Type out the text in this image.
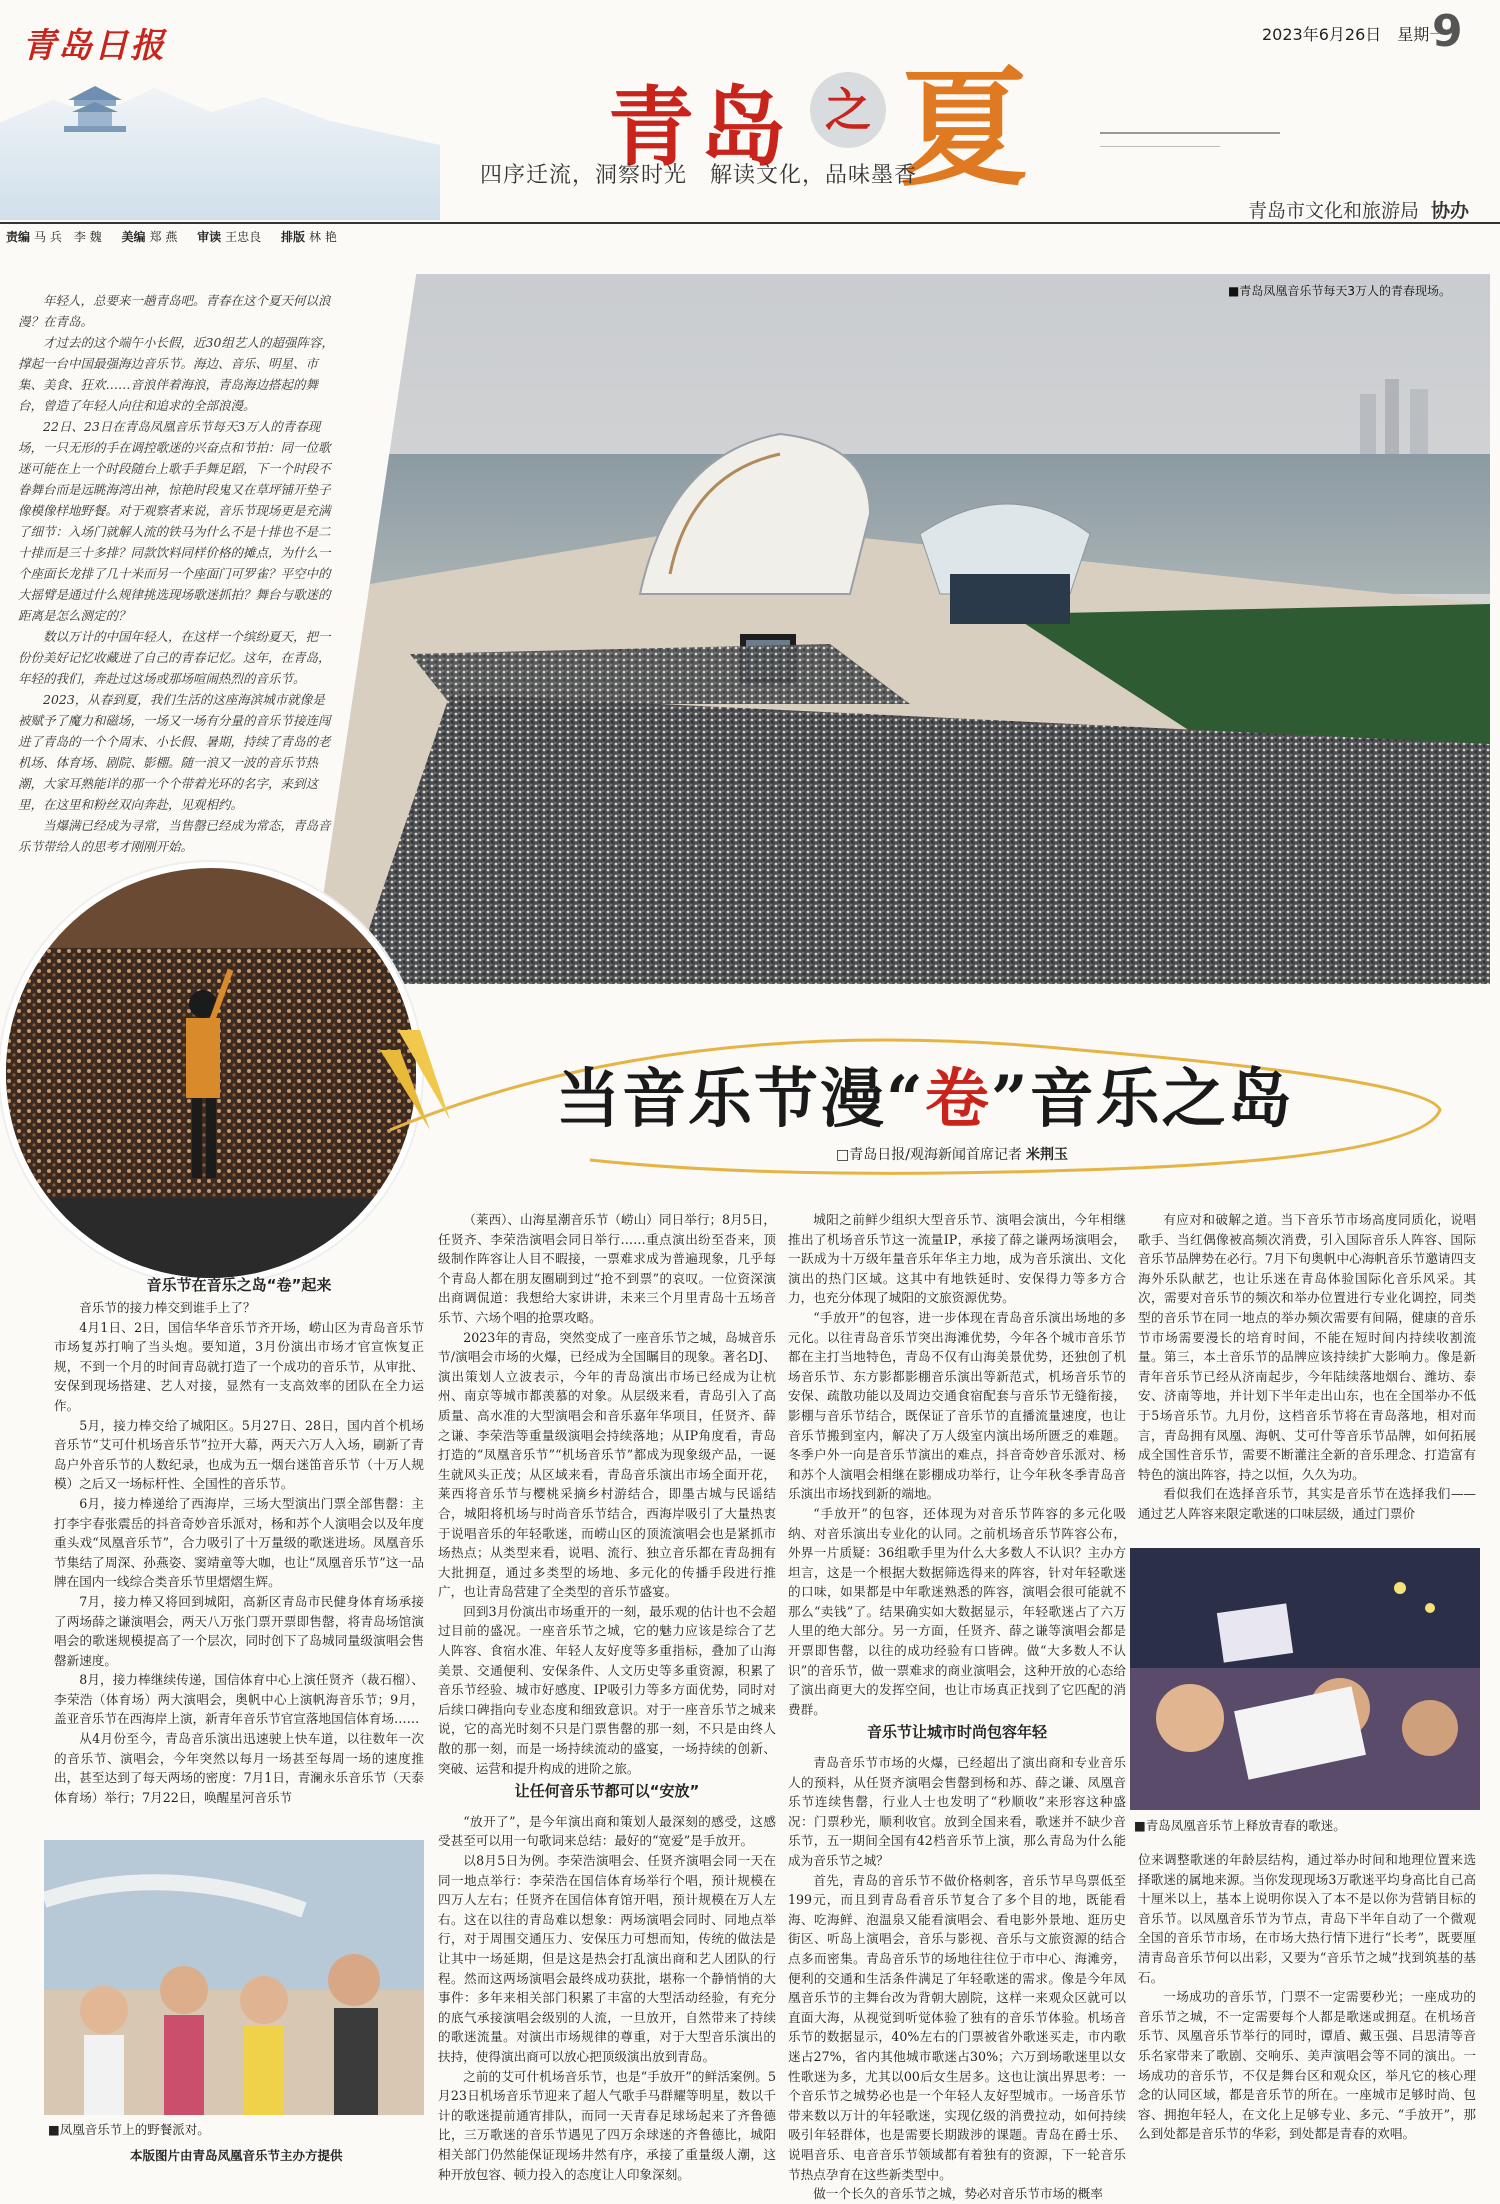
青岛日报	2023年6月26日　星期一
9
青岛 之 夏
四序迁流，洞察时光　解读文化，品味墨香
青岛市文化和旅游局 协办
责编 马 兵　李 魏 美编 郑 燕 审读 王忠良 排版 林 艳

年轻人，总要来一趟青岛吧。青春在这个夏天何以浪漫？在青岛。

才过去的这个端午小长假，近30组艺人的超强阵容，撑起一台中国最强海边音乐节。海边、音乐、明星、市集、美食、狂欢……音浪伴着海浪，青岛海边搭起的舞台，曾造了年轻人向往和追求的全部浪漫。

22日、23日在青岛凤凰音乐节每天3万人的青春现场，一只无形的手在调控歌迷的兴奋点和节拍：同一位歌迷可能在上一个时段随台上歌手手舞足蹈，下一个时段不眷舞台而是远眺海湾出神，惊艳时段鬼又在草坪铺开垫子像模像样地野餐。对于观察者来说，音乐节现场更是充满了细节：入场门就解人流的铁马为什么不是十排也不是二十排而是三十多排？同款饮料同样价格的摊点，为什么一个座面长龙排了几十米而另一个座面门可罗雀？平空中的大摇臂是通过什么规律挑选现场歌迷抓拍？舞台与歌迷的距离是怎么测定的？

数以万计的中国年轻人，在这样一个缤纷夏天，把一份份美好记忆收藏进了自己的青春记忆。这年，在青岛，年轻的我们，奔赴过这场或那场喧闹热烈的音乐节。

2023，从春到夏，我们生活的这座海滨城市就像是被赋予了魔力和磁场，一场又一场有分量的音乐节接连闯进了青岛的一个个周末、小长假、暑期，持续了青岛的老机场、体育场、剧院、影棚。随一浪又一波的音乐节热潮，大家耳熟能详的那一个个带着光环的名字，来到这里，在这里和粉丝双向奔赴，见观相约。

当爆满已经成为寻常，当售罄已经成为常态，青岛音乐节带给人的思考才刚刚开始。

■青岛凤凰音乐节每天3万人的青春现场。
当音乐节漫“卷”音乐之岛
□青岛日报/观海新闻首席记者 米荆玉
音乐节在音乐之岛“卷”起来

音乐节的接力棒交到谁手上了？

4月1日、2日，国信华华音乐节齐开场，崂山区为青岛音乐节市场复苏打响了当头炮。要知道，3月份演出市场才官宣恢复正规，不到一个月的时间青岛就打造了一个成功的音乐节，从审批、安保到现场搭建、艺人对接，显然有一支高效率的团队在全力运作。

5月，接力棒交给了城阳区。5月27日、28日，国内首个机场音乐节“艾可什机场音乐节”拉开大幕，两天六万人入场，刷新了青岛户外音乐节的人数纪录，也成为五一烟台迷笛音乐节（十万人规模）之后又一场标杆性、全国性的音乐节。

6月，接力棒递给了西海岸，三场大型演出门票全部售罄：主打李宇春张震岳的抖音奇妙音乐派对，杨和苏个人演唱会以及年度重头戏“凤凰音乐节”，合力吸引了十万量级的歌迷进场。凤凰音乐节集结了周深、孙燕姿、窦靖童等大咖，也让“凤凰音乐节”这一品牌在国内一线综合类音乐节里熠熠生辉。

7月，接力棒又将回到城阳，高新区青岛市民健身体育场承接了两场薛之谦演唱会，两天八万张门票开票即售罄，将青岛场馆演唱会的歌迷规模提高了一个层次，同时创下了岛城同量级演唱会售罄新速度。

8月，接力棒继续传递，国信体育中心上演任贤齐（裁石榴）、李荣浩（体育场）两大演唱会，奥帆中心上演帆海音乐节；9月，盖亚音乐节在西海岸上演，新青年音乐节官宣落地国信体育场……

从4月份至今，青岛音乐演出迅速驶上快车道，以往数年一次的音乐节、演唱会，今年突然以每月一场甚至每周一场的速度推出，甚至达到了每天两场的密度：7月1日，青澜永乐音乐节（天泰体育场）举行；7月22日，唤醒星河音乐节

（莱西）、山海星潮音乐节（崂山）同日举行；8月5日，任贤齐、李荣浩演唱会同日举行……重点演出纷至沓来，顶级制作阵容让人目不暇接，一票难求成为普遍现象，几乎每个青岛人都在朋友圈刷到过“抢不到票”的哀叹。一位资深演出商调侃道：我想给大家讲讲，未来三个月里青岛十五场音乐节、六场个唱的抢票攻略。

2023年的青岛，突然变成了一座音乐节之城，岛城音乐节/演唱会市场的火爆，已经成为全国瞩目的现象。著名DJ、演出策划人立波表示，今年的青岛演出市场已经成为让杭州、南京等城市都羡慕的对象。从层级来看，青岛引入了高质量、高水准的大型演唱会和音乐嘉年华项目，任贤齐、薛之谦、李荣浩等重量级演唱会持续落地；从IP角度看，青岛打造的“凤凰音乐节”“机场音乐节”都成为现象级产品，一诞生就风头正茂；从区域来看，青岛音乐演出市场全面开花，莱西将音乐节与樱桃采摘乡村游结合，即墨古城与民谣结合，城阳将机场与时尚音乐节结合，西海岸吸引了大量热衷于说唱音乐的年轻歌迷，而崂山区的顶流演唱会也是紧抓市场热点；从类型来看，说唱、流行、独立音乐都在青岛拥有大批拥趸，通过多类型的场地、多元化的传播手段进行推广，也让青岛营建了全类型的音乐节盛宴。

回到3月份演出市场重开的一刻，最乐观的估计也不会超过目前的盛况。一座音乐节之城，它的魅力应该是综合了艺人阵容、食宿水准、年轻人友好度等多重指标，叠加了山海美景、交通便利、安保条件、人文历史等多重资源，积累了音乐节经验、城市好感度、IP吸引力等多方面优势，同时对后续口碑指向专业态度和细致意识。对于一座音乐节之城来说，它的高光时刻不只是门票售罄的那一刻，不只是由终人散的那一刻，而是一场持续流动的盛宴，一场持续的创新、突破、运营和提升构成的进阶之旅。

让任何音乐节都可以“安放”

“放开了”，是今年演出商和策划人最深刻的感受，这感受甚至可以用一句歌词来总结：最好的“宽爱”是手放开。

以8月5日为例。李荣浩演唱会、任贤齐演唱会同一天在同一地点举行：李荣浩在国信体育场举行个唱，预计规模在四万人左右；任贤齐在国信体育馆开唱，预计规模在万人左右。这在以往的青岛难以想象：两场演唱会同时、同地点举行，对于周围交通压力、安保压力可想而知，传统的做法是让其中一场延期，但是这是热会打乱演出商和艺人团队的行程。然而这两场演唱会最终成功获批，堪称一个静悄悄的大事件：多年来相关部门积累了丰富的大型活动经验，有充分的底气承接演唱会级别的人流，一旦放开，自然带来了持续的歌迷流量。对演出市场规律的尊重，对于大型音乐演出的扶持，使得演出商可以放心把顶级演出放到青岛。

之前的艾可什机场音乐节，也是“手放开”的鲜活案例。5月23日机场音乐节迎来了超人气歌手马群耀等明星，数以千计的歌迷提前通宵排队，而同一天青春足球场起来了齐鲁德比，三万歌迷的音乐节遇见了四万余球迷的齐鲁德比，城阳相关部门仍然能保证现场井然有序，承接了重量级人潮，这种开放包容、顿力投入的态度让人印象深刻。

城阳之前鲜少组织大型音乐节、演唱会演出，今年相继推出了机场音乐节这一流量IP，承接了薛之谦两场演唱会，一跃成为十万级年量音乐年华主力地，成为音乐演出、文化演出的热门区域。这其中有地铁延时、安保得力等多方合力，也充分体现了城阳的文旅资源优势。

“手放开”的包容，进一步体现在青岛音乐演出场地的多元化。以往青岛音乐节突出海滩优势，今年各个城市音乐节都在主打当地特色，青岛不仅有山海美景优势，还独创了机场音乐节、东方影都影棚音乐演出等新范式，机场音乐节的安保、疏散功能以及周边交通食宿配套与音乐节无缝衔接，影棚与音乐节结合，既保证了音乐节的直播流量速度，也让音乐节搬到室内，解决了万人级室内演出场所匮乏的难题。冬季户外一向是音乐节演出的难点，抖音奇妙音乐派对、杨和苏个人演唱会相继在影棚成功举行，让今年秋冬季青岛音乐演出市场找到新的端地。

“手放开”的包容，还体现为对音乐节阵容的多元化吸纳、对音乐演出专业化的认同。之前机场音乐节阵容公布，外界一片质疑：36组歌手里为什么大多数人不认识？主办方坦言，这是一个根据大数据筛选得来的阵容，针对年轻歌迷的口味，如果都是中年歌迷熟悉的阵容，演唱会很可能就不那么“卖钱”了。结果确实如大数据显示，年轻歌迷占了六万人里的绝大部分。另一方面，任贤齐、薛之谦等演唱会都是开票即售罄，以往的成功经验有口皆碑。做“大多数人不认识”的音乐节，做一票难求的商业演唱会，这种开放的心态给了演出商更大的发挥空间，也让市场真正找到了它匹配的消费群。

音乐节让城市时尚包容年轻

青岛音乐节市场的火爆，已经超出了演出商和专业音乐人的预料，从任贤齐演唱会售罄到杨和苏、薛之谦、凤凰音乐节连续售罄，行业人士也发明了“秒顺收”来形容这种盛况：门票秒光，顺利收官。放到全国来看，歌迷并不缺少音乐节，五一期间全国有42档音乐节上演，那么青岛为什么能成为音乐节之城？

首先，青岛的音乐节不做价格刺客，音乐节早鸟票低至199元，而且到青岛看音乐节复合了多个目的地，既能看海、吃海鲜、泡温泉又能看演唱会、看电影外景地、逛历史街区、听岛上演唱会，音乐与影视、音乐与文旅资源的结合点多而密集。青岛音乐节的场地往往位于市中心、海滩旁，便利的交通和生活条件满足了年轻歌迷的需求。像是今年凤凰音乐节的主舞台改为背朝大剧院，这样一来观众区就可以直面大海，从视觉到听觉体验了独有的音乐节体验。机场音乐节的数据显示，40%左右的门票被省外歌迷买走，市内歌迷占27%，省内其他城市歌迷占30%；六万到场歌迷里以女性歌迷为多，尤其以00后女生居多。这也让演出界思考：一个音乐节之城势必也是一个年轻人友好型城市。一场音乐节带来数以万计的年轻歌迷，实现亿级的消费拉动，如何持续吸引年轻群体，也是需要长期跋涉的课题。青岛在爵士乐、说唱音乐、电音音乐节领域都有着独有的资源，下一轮音乐节热点孕育在这些新类型中。

做一个长久的音乐节之城，势必对音乐节市场的概率

有应对和破解之道。当下音乐节市场高度同质化，说唱歌手、当红偶像被高频次消费，引入国际音乐人阵容、国际音乐节品牌势在必行。7月下旬奥帆中心海帆音乐节邀请四支海外乐队献艺，也让乐迷在青岛体验国际化音乐风采。其次，需要对音乐节的频次和举办位置进行专业化调控，同类型的音乐节在同一地点的举办频次需要有间隔，健康的音乐节市场需要漫长的培育时间，不能在短时间内持续收割流量。第三，本土音乐节的品牌应该持续扩大影响力。像是新青年音乐节已经从济南起步，今年陆续落地烟台、潍坊、泰安、济南等地，并计划下半年走出山东，也在全国举办不低于5场音乐节。九月份，这档音乐节将在青岛落地，相对而言，青岛拥有凤凰、海帆、艾可什等音乐节品牌，如何拓展成全国性音乐节，需要不断灌注全新的音乐理念、打造富有特色的演出阵容，持之以恒，久久为功。

看似我们在选择音乐节，其实是音乐节在选择我们——通过艺人阵容来限定歌迷的口味层级，通过门票价

位来调整歌迷的年龄层结构，通过举办时间和地理位置来选择歌迷的属地来源。当你发现现场3万歌迷平均身高比自己高十厘米以上，基本上说明你误入了本不是以你为营销目标的音乐节。以凤凰音乐节为节点，青岛下半年自动了一个微观全国的音乐节市场，在市场大热行情下进行“长考”，既要厘清青岛音乐节何以出彩，又要为“音乐节之城”找到筑基的基石。

一场成功的音乐节，门票不一定需要秒光；一座成功的音乐节之城，不一定需要每个人都是歌迷或拥趸。在机场音乐节、凤凰音乐节举行的同时，谭盾、戴玉强、吕思清等音乐名家带来了歌剧、交响乐、美声演唱会等不同的演出。一场成功的音乐节，不仅是舞台区和观众区，举凡它的核心理念的认同区域，都是音乐节的所在。一座城市足够时尚、包容、拥抱年轻人，在文化上足够专业、多元、“手放开”，那么到处都是音乐节的华彩，到处都是青春的欢唱。

■青岛凤凰音乐节上释放青春的歌迷。
■凤凰音乐节上的野餐派对。
本版图片由青岛凤凰音乐节主办方提供
